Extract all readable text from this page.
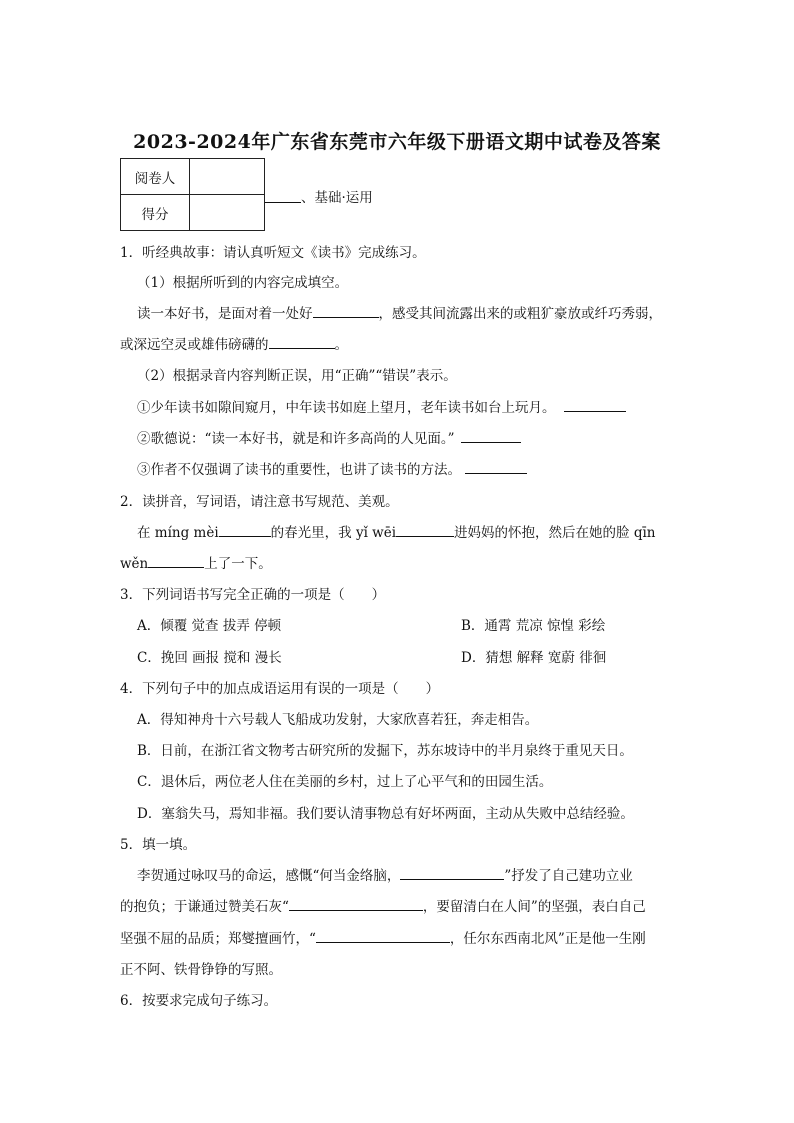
2023-2024年广东省东莞市六年级下册语文期中试卷及答案
阅卷人	
得分	
、基础·运用
1．听经典故事：请认真听短文《读书》完成练习。
（1）根据所听到的内容完成填空。
读一本好书，是面对着一处好	，感受其间流露出来的或粗犷豪放或纤巧秀弱，
或深远空灵或雄伟磅礴的	。
（2）根据录音内容判断正误，用“正确”“错误”表示。
①少年读书如隙间窥月，中年读书如庭上望月，老年读书如台上玩月。
②歌德说：“读一本好书，就是和许多高尚的人见面。”
③作者不仅强调了读书的重要性，也讲了读书的方法。
2．读拼音，写词语，请注意书写规范、美观。
在 míng mèi	的春光里，我 yǐ wēi	进妈妈的怀抱，然后在她的脸 qīn
wěn	上了一下。
3．下列词语书写完全正确的一项是（　　）
A．倾覆 觉查 拔弄 停顿	B．通霄 荒凉 惊惶 彩绘
C．挽回 画报 搅和 漫长	D．猜想 解释 宽蔚 徘徊
4．下列句子中的加点成语运用有误的一项是（　　）
A．得知神舟十六号载人飞船成功发射，大家欣喜若狂，奔走相告。
B．日前，在浙江省文物考古研究所的发掘下，苏东坡诗中的半月泉终于重见天日。
C．退休后，两位老人住在美丽的乡村，过上了心平气和的田园生活。
D．塞翁失马，焉知非福。我们要认清事物总有好坏两面，主动从失败中总结经验。
5．填一填。
李贺通过咏叹马的命运，感慨“何当金络脑，	”抒发了自己建功立业
的抱负；于谦通过赞美石灰“	，要留清白在人间”的坚强，表白自己
坚强不屈的品质；郑燮擅画竹，“	，任尔东西南北风”正是他一生刚
正不阿、铁骨铮铮的写照。
6．按要求完成句子练习。
